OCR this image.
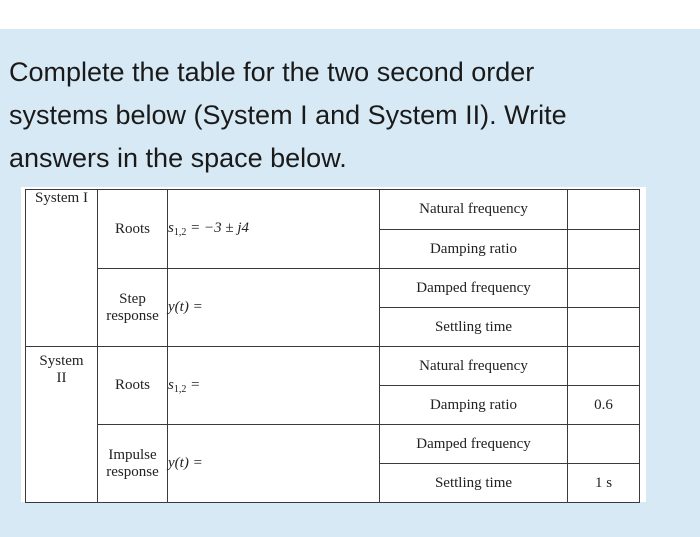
Complete the table for the two second order
systems below (System I and System II). Write
answers in the space below.

System I	Roots	$s_{1,2} = -3 \pm j4$	Natural frequency	
			Damping ratio	

	Step
response	y(t) =	Damped frequency	
			Settling time	

System
II	Roots	$s_{1,2}$ =	Natural frequency	
			Damping ratio	0.6

	Impulse
response	y(t) =	Damped frequency	
			Settling time	1 s
